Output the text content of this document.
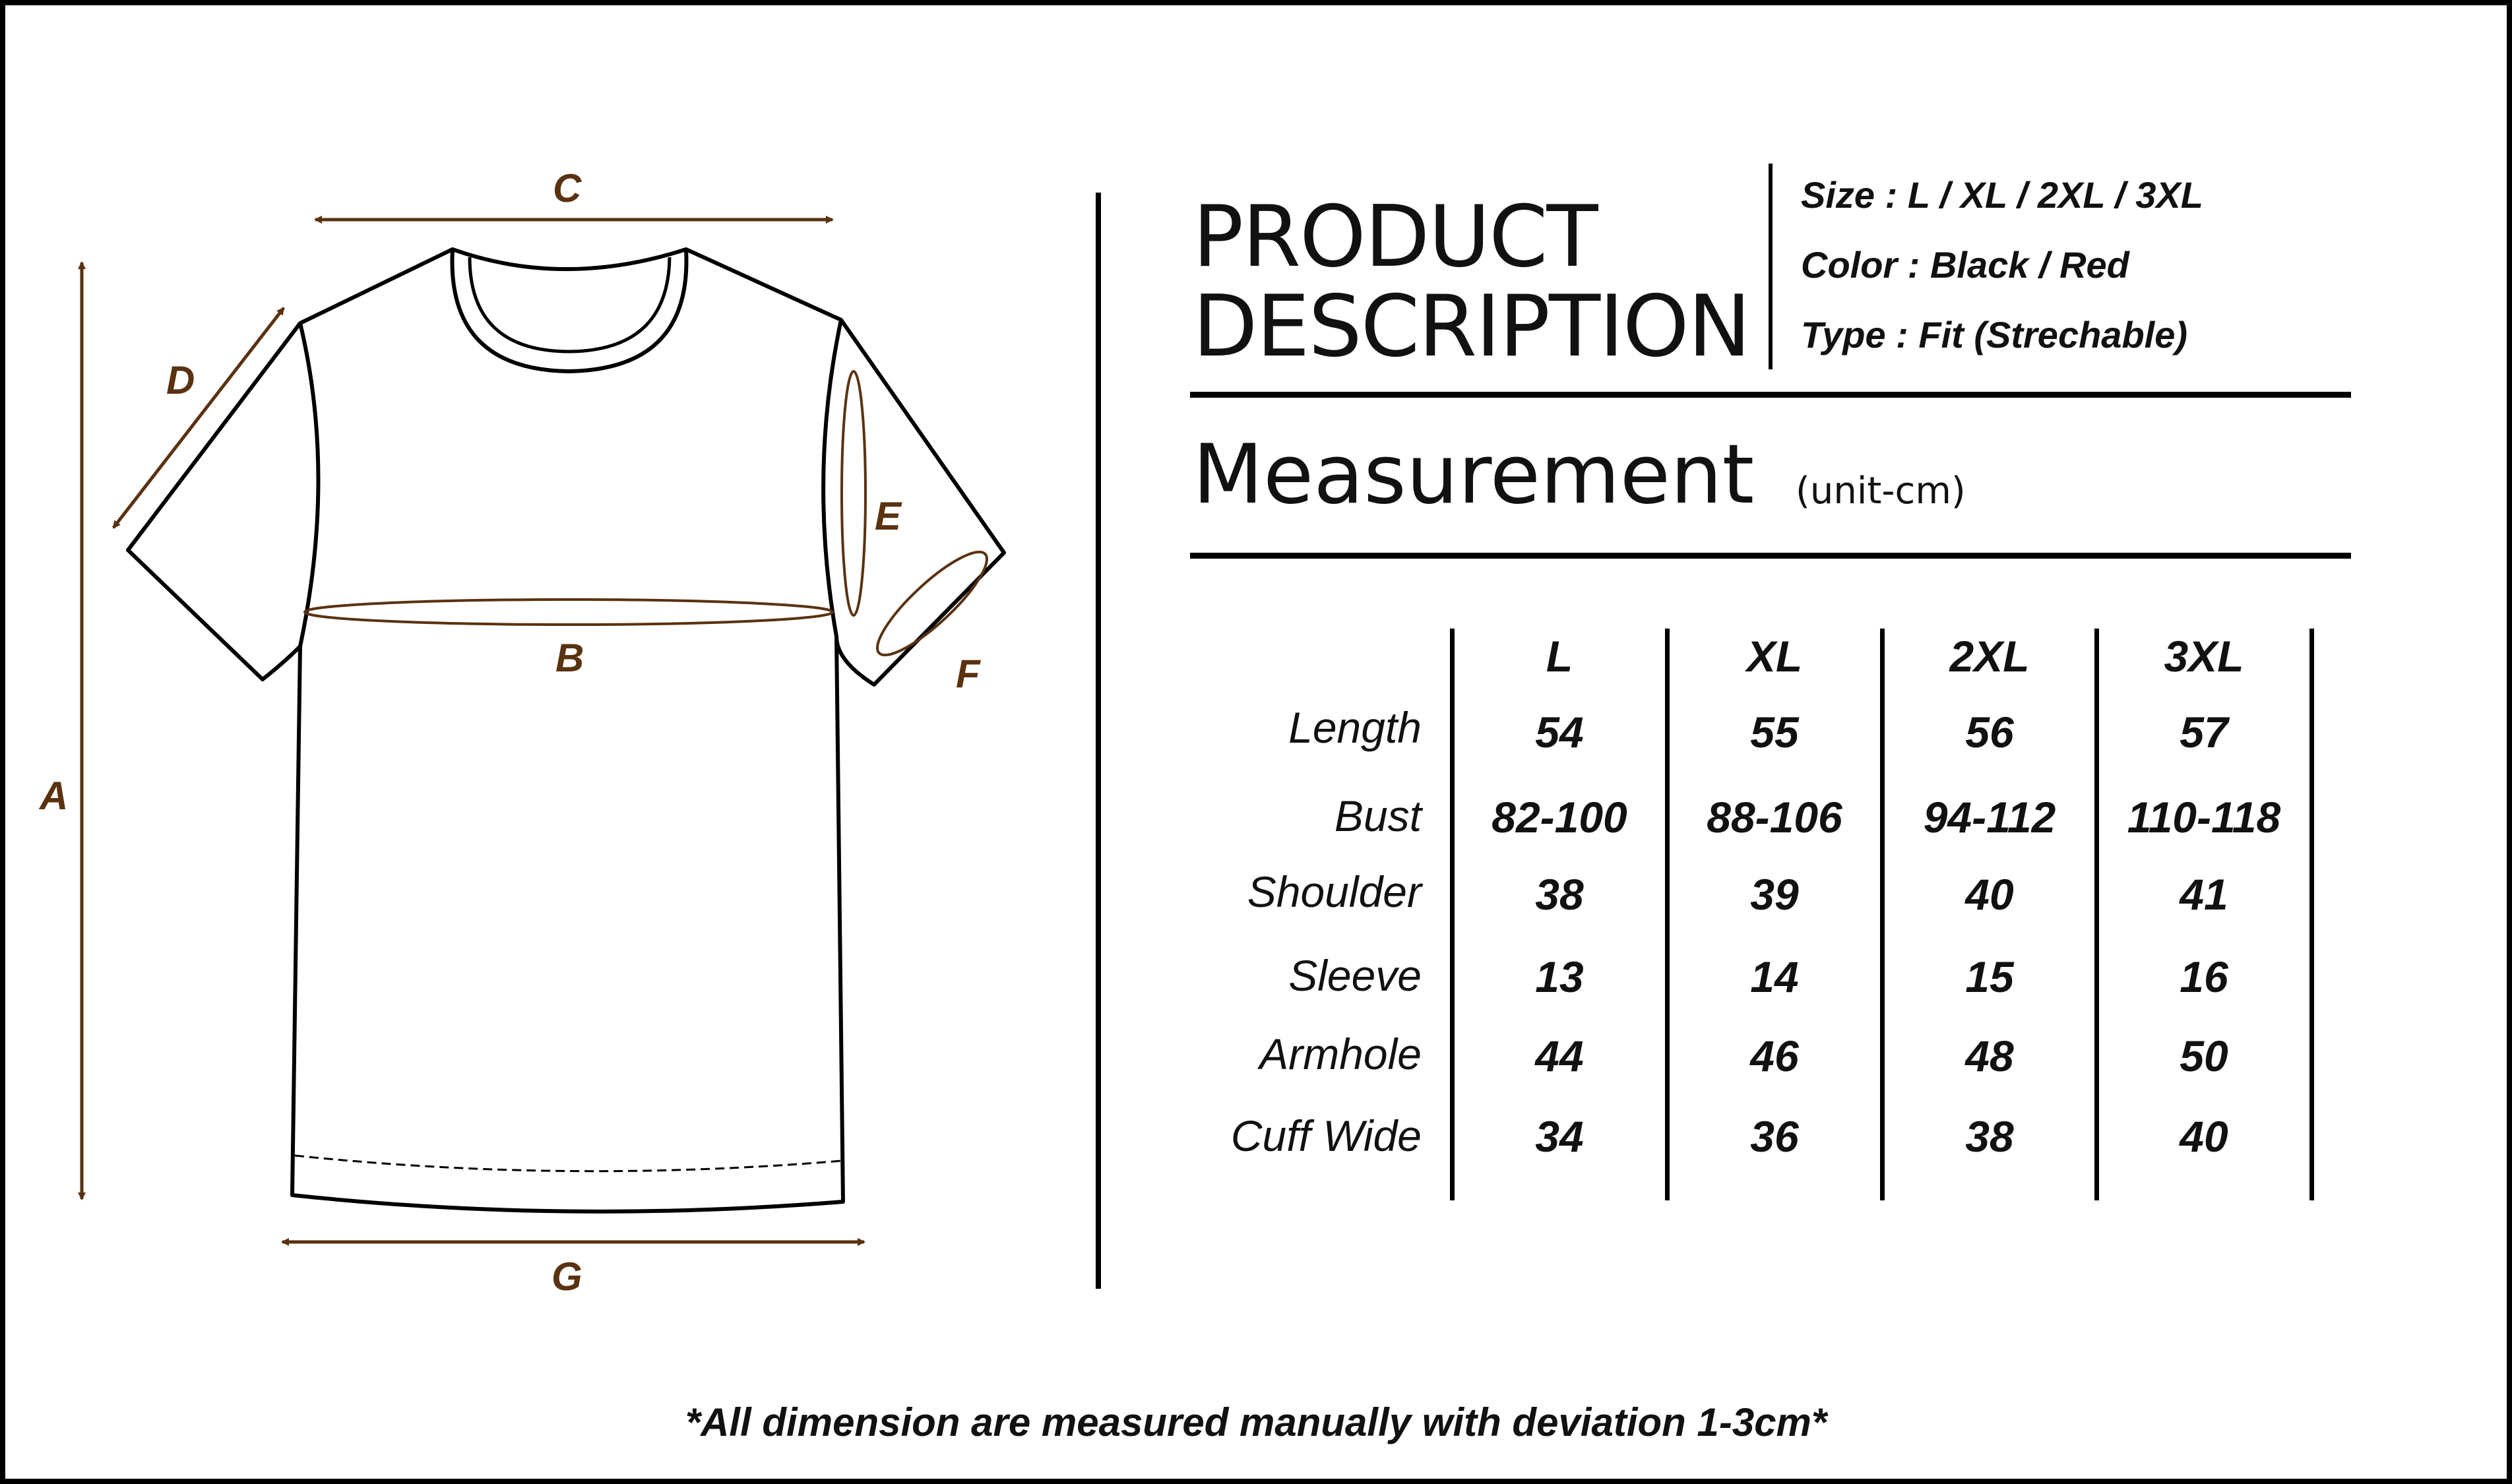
A
B
C
D
E
F
G
PRODUCT
DESCRIPTION
Size : L / XL / 2XL / 3XL
Color : Black / Red
Type : Fit (Strechable)
Measurement (unit-cm)
L	XL	2XL	3XL
Length	54	55	56	57
Bust	82-100	88-106	94-112	110-118
Shoulder	38	39	40	41
Sleeve	13	14	15	16
Armhole	44	46	48	50
Cuff Wide	34	36	38	40
*All dimension are measured manually with deviation 1-3cm*
